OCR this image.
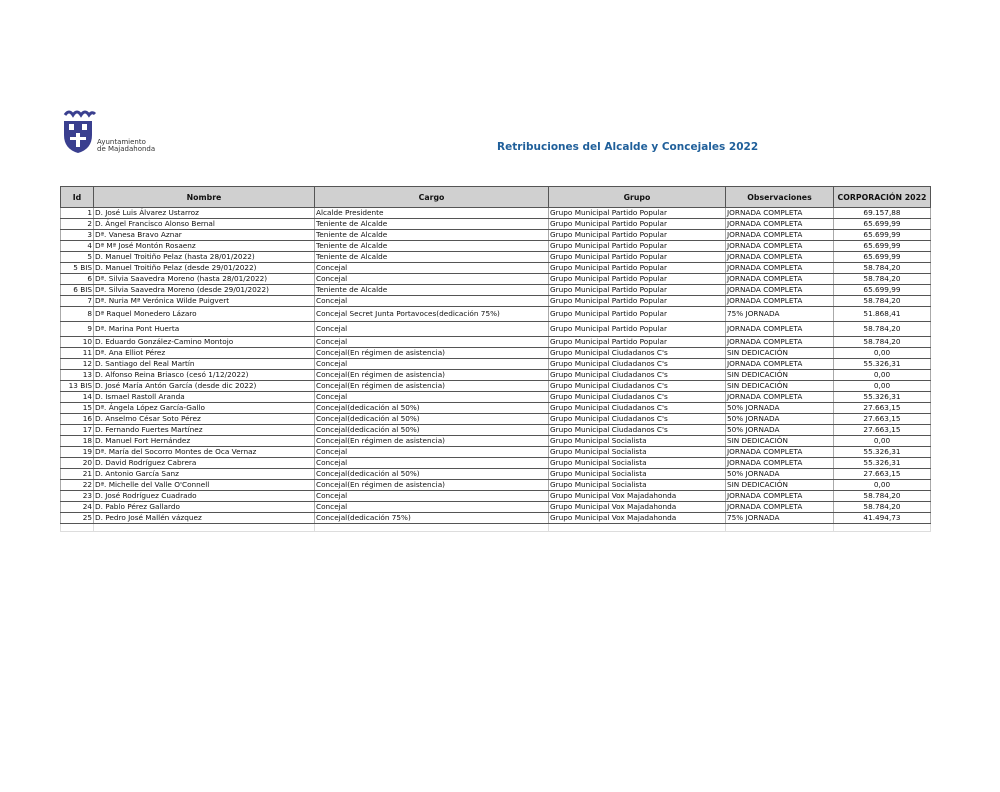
Ayuntamiento
de Majadahonda	Retribuciones del Alcalde y Concejales 2022
Id	Nombre	Cargo	Grupo	Observaciones	CORPORACIÓN 2022
1	D. José Luis Álvarez Ustarroz	Alcalde Presidente	Grupo Municipal Partido Popular	JORNADA COMPLETA	69.157,88
2	D. Ángel Francisco Alonso Bernal	Teniente de Alcalde	Grupo Municipal Partido Popular	JORNADA COMPLETA	65.699,99
3	Dª. Vanesa Bravo Aznar	Teniente de Alcalde	Grupo Municipal Partido Popular	JORNADA COMPLETA	65.699,99
4	Dª Mª José Montón Rosaenz	Teniente de Alcalde	Grupo Municipal Partido Popular	JORNADA COMPLETA	65.699,99
5	D. Manuel Troitiño Pelaz (hasta 28/01/2022)	Teniente de Alcalde	Grupo Municipal Partido Popular	JORNADA COMPLETA	65.699,99
5 BIS	D. Manuel Troitiño Pelaz (desde 29/01/2022)	Concejal	Grupo Municipal Partido Popular	JORNADA COMPLETA	58.784,20
6	Dª. Silvia Saavedra Moreno (hasta 28/01/2022)	Concejal	Grupo Municipal Partido Popular	JORNADA COMPLETA	58.784,20
6 BIS	Dª. Silvia Saavedra Moreno (desde 29/01/2022)	Teniente de Alcalde	Grupo Municipal Partido Popular	JORNADA COMPLETA	65.699,99
7	Dª. Nuria Mª Verónica Wilde Puigvert	Concejal	Grupo Municipal Partido Popular	JORNADA COMPLETA	58.784,20
8	Dª Raquel Monedero Lázaro	Concejal Secret Junta Portavoces(dedicación 75%)	Grupo Municipal Partido Popular	75% JORNADA	51.868,41
9	Dª. Marina Pont Huerta	Concejal	Grupo Municipal Partido Popular	JORNADA COMPLETA	58.784,20
10	D. Eduardo González-Camino Montojo	Concejal	Grupo Municipal Partido Popular	JORNADA COMPLETA	58.784,20
11	Dª. Ana Elliot Pérez	Concejal(En régimen de asistencia)	Grupo Municipal Ciudadanos C's	SIN DEDICACIÓN	0,00
12	D. Santiago del Real Martín	Concejal	Grupo Municipal Ciudadanos C's	JORNADA COMPLETA	55.326,31
13	D. Alfonso Reina Briasco (cesó 1/12/2022)	Concejal(En régimen de asistencia)	Grupo Municipal Ciudadanos C's	SIN DEDICACIÓN	0,00
13 BIS	D. José María Antón García (desde dic 2022)	Concejal(En régimen de asistencia)	Grupo Municipal Ciudadanos C's	SIN DEDICACIÓN	0,00
14	D. Ismael Rastoll Aranda	Concejal	Grupo Municipal Ciudadanos C's	JORNADA COMPLETA	55.326,31
15	Dª. Ángela López García-Gallo	Concejal(dedicación al 50%)	Grupo Municipal Ciudadanos C's	50% JORNADA	27.663,15
16	D. Anselmo César Soto Pérez	Concejal(dedicación al 50%)	Grupo Municipal Ciudadanos C's	50% JORNADA	27.663,15
17	D. Fernando Fuertes Martínez	Concejal(dedicación al 50%)	Grupo Municipal Ciudadanos C's	50% JORNADA	27.663,15
18	D. Manuel Fort Hernández	Concejal(En régimen de asistencia)	Grupo Municipal Socialista	SIN DEDICACIÓN	0,00
19	Dª. María del Socorro Montes de Oca Vernaz	Concejal	Grupo Municipal Socialista	JORNADA COMPLETA	55.326,31
20	D. David Rodríguez Cabrera	Concejal	Grupo Municipal Socialista	JORNADA COMPLETA	55.326,31
21	D. Antonio García Sanz	Concejal(dedicación al 50%)	Grupo Municipal Socialista	50% JORNADA	27.663,15
22	Dª. Michelle del Valle O'Connell	Concejal(En régimen de asistencia)	Grupo Municipal Socialista	SIN DEDICACIÓN	0,00
23	D. José Rodríguez Cuadrado	Concejal	Grupo Municipal Vox Majadahonda	JORNADA COMPLETA	58.784,20
24	D. Pablo Pérez Gallardo	Concejal	Grupo Municipal Vox Majadahonda	JORNADA COMPLETA	58.784,20
25	D. Pedro José Mallén vázquez	Concejal(dedicación 75%)	Grupo Municipal Vox Majadahonda	75% JORNADA	41.494,73
